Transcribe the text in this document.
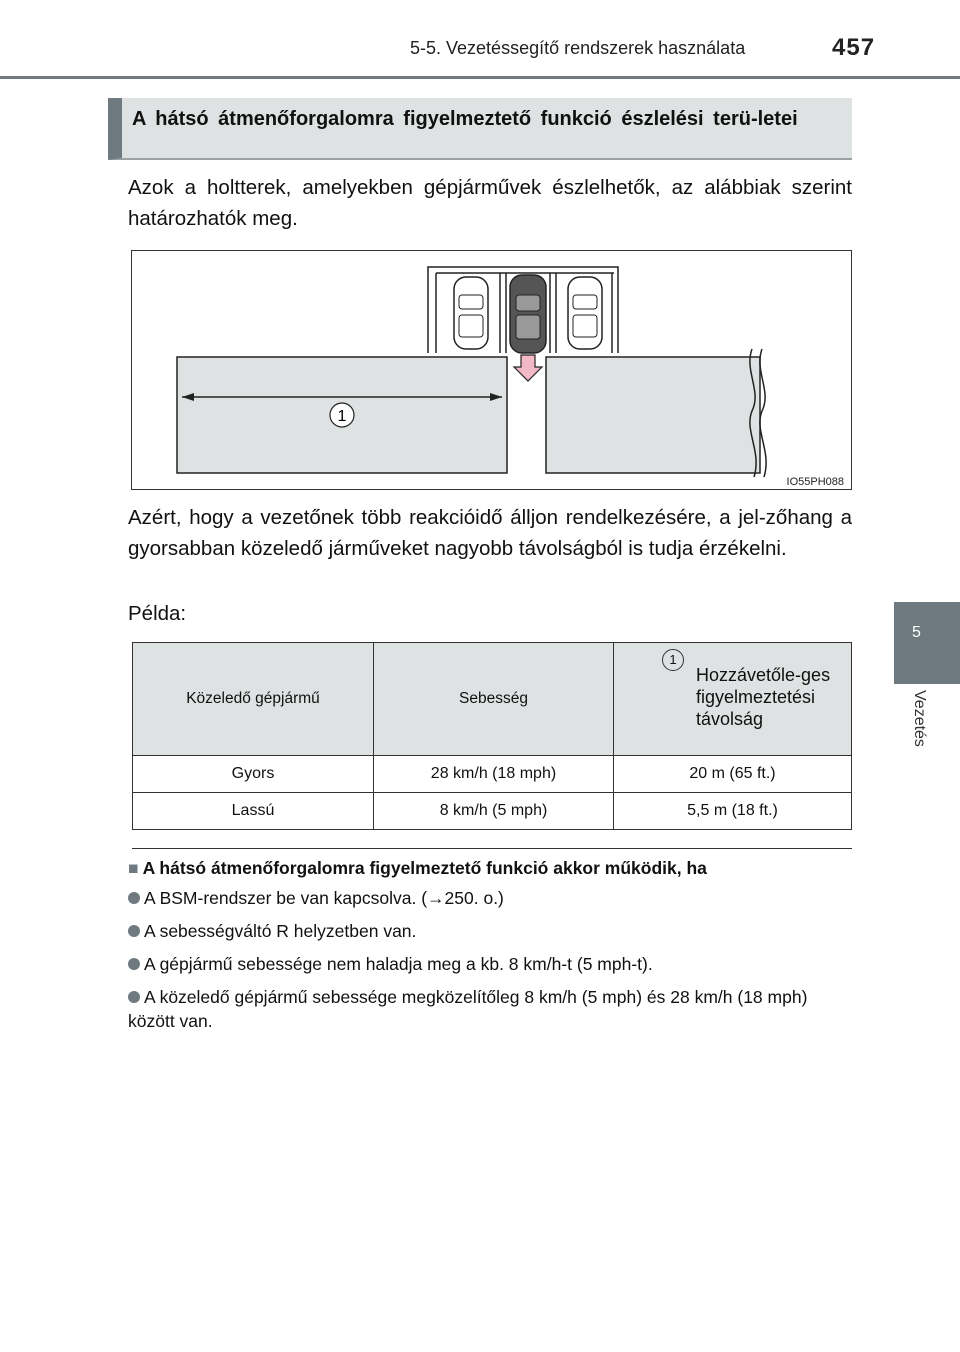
5-5. Vezetéssegítő rendszerek használata	457
5
Vezetés

A hátsó átmenőforgalomra figyelmeztető funkció észlelési terü-letei

Azok a holtterek, amelyekben gépjárművek észlelhetők, az alábbiak szerint határozhatók meg.

1
IO55PH088

Azért, hogy a vezetőnek több reakcióidő álljon rendelkezésére, a jel-zőhang a gyorsabban közeledő járműveket nagyobb távolságból is tudja érzékelni.

Példa:

Közeledő gépjármű	Sebesség	1
Hozzávetőle-ges figyelmeztetési távolság

Gyors	28 km/h (18 mph)	20 m (65 ft.)
Lassú	8 km/h (5 mph)	5,5 m (18 ft.)

■ A hátsó átmenőforgalomra figyelmeztető funkció akkor működik, ha

A BSM-rendszer be van kapcsolva. (→250. o.)

A sebességváltó R helyzetben van.

A gépjármű sebessége nem haladja meg a kb. 8 km/h-t (5 mph-t).

A közeledő gépjármű sebessége megközelítőleg 8 km/h (5 mph) és 28 km/h (18 mph) között van.
